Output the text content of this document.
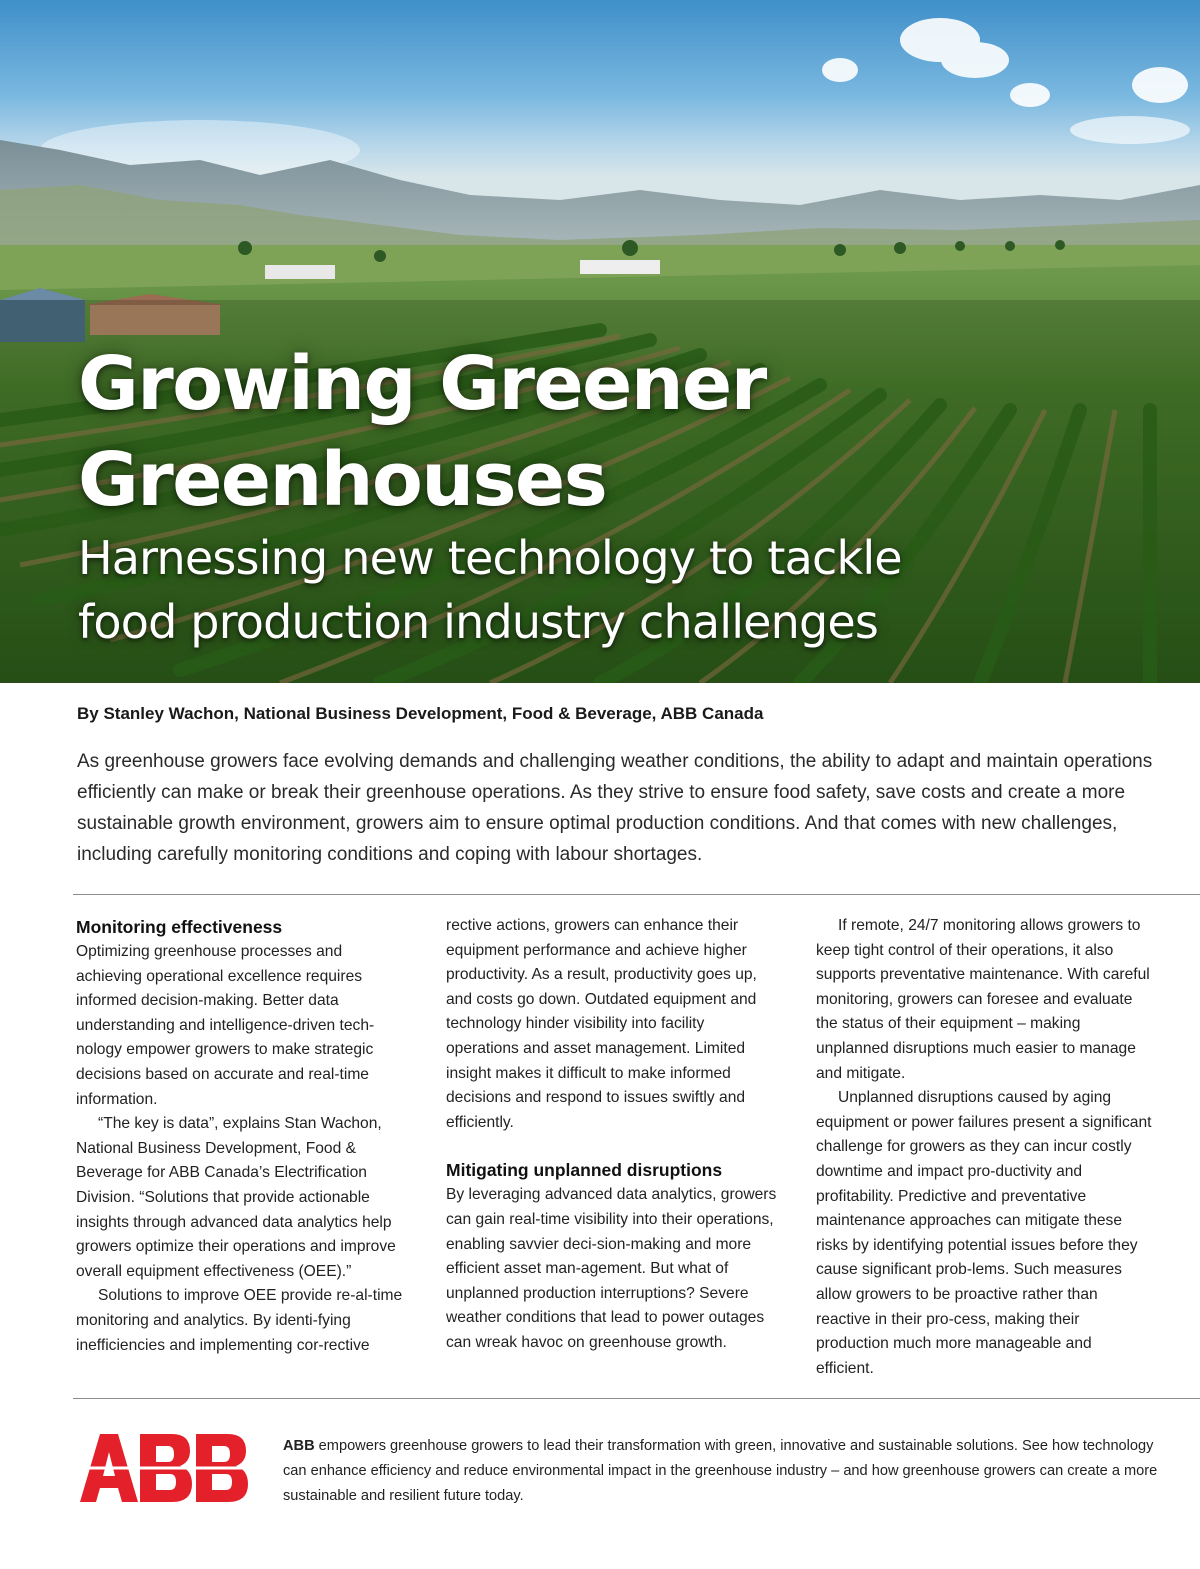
Growing Greener
Greenhouses
Harnessing new technology to tackle
food production industry challenges
By Stanley Wachon, National Business Development, Food & Beverage, ABB Canada

As greenhouse growers face evolving demands and challenging weather conditions, the ability to adapt and maintain operations efficiently can make or break their greenhouse operations. As they strive to ensure food safety, save costs and create a more sustainable growth environment, growers aim to ensure optimal production conditions. And that comes with new challenges, including carefully monitoring conditions and coping with labour shortages.

Monitoring effectiveness

Optimizing greenhouse processes and achieving operational excellence requires informed decision-making. Better data understanding and intelligence-driven tech-nology empower growers to make strategic decisions based on accurate and real-time information.

“The key is data”, explains Stan Wachon, National Business Development, Food & Beverage for ABB Canada’s Electrification Division. “Solutions that provide actionable insights through advanced data analytics help growers optimize their operations and improve overall equipment effectiveness (OEE).”

Solutions to improve OEE provide re-al-time monitoring and analytics. By identi-fying inefficiencies and implementing cor-rective

rective actions, growers can enhance their equipment performance and achieve higher productivity. As a result, productivity goes up, and costs go down. Outdated equipment and technology hinder visibility into facility operations and asset management. Limited insight makes it difficult to make informed decisions and respond to issues swiftly and efficiently.

Mitigating unplanned disruptions

By leveraging advanced data analytics, growers can gain real-time visibility into their operations, enabling savvier deci-sion-making and more efficient asset man-agement. But what of unplanned production interruptions? Severe weather conditions that lead to power outages can wreak havoc on greenhouse growth.

If remote, 24/7 monitoring allows growers to keep tight control of their operations, it also supports preventative maintenance. With careful monitoring, growers can foresee and evaluate the status of their equipment – making unplanned disruptions much easier to manage and mitigate.

Unplanned disruptions caused by aging equipment or power failures present a significant challenge for growers as they can incur costly downtime and impact pro-ductivity and profitability. Predictive and preventative maintenance approaches can mitigate these risks by identifying potential issues before they cause significant prob-lems. Such measures allow growers to be proactive rather than reactive in their pro-cess, making their production much more manageable and efficient.

ABB empowers greenhouse growers to lead their transformation with green, innovative and sustainable solutions. See how technology can enhance efficiency and reduce environmental impact in the greenhouse industry – and how greenhouse growers can create a more sustainable and resilient future today.
